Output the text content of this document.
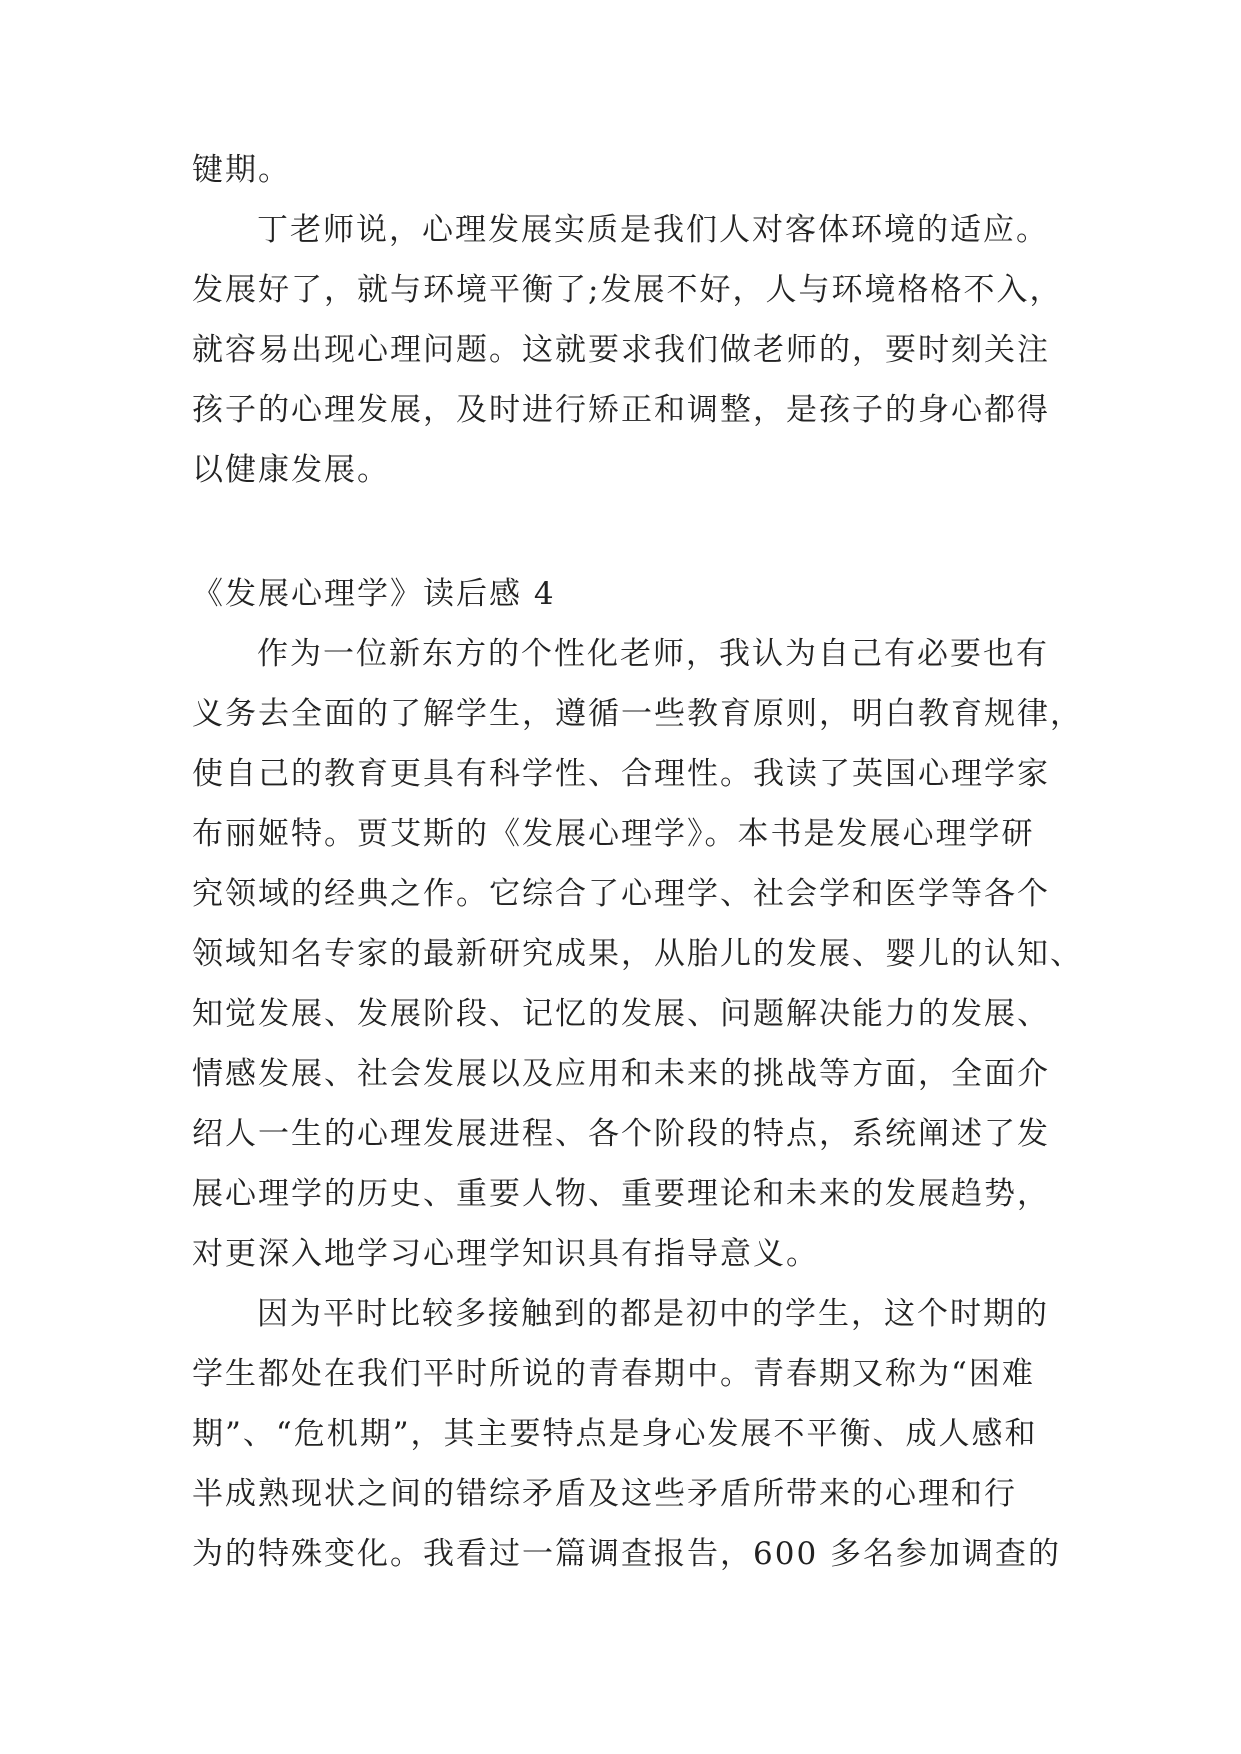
键期。
丁老师说，心理发展实质是我们人对客体环境的适应。
发展好了，就与环境平衡了;发展不好，人与环境格格不入，
就容易出现心理问题。这就要求我们做老师的，要时刻关注
孩子的心理发展，及时进行矫正和调整，是孩子的身心都得
以健康发展。
《发展心理学》读后感 4
作为一位新东方的个性化老师，我认为自己有必要也有
义务去全面的了解学生，遵循一些教育原则，明白教育规律，
使自己的教育更具有科学性、合理性。我读了英国心理学家
布丽姬特。贾艾斯的《发展心理学》。本书是发展心理学研
究领域的经典之作。它综合了心理学、社会学和医学等各个
领域知名专家的最新研究成果，从胎儿的发展、婴儿的认知、
知觉发展、发展阶段、记忆的发展、问题解决能力的发展、
情感发展、社会发展以及应用和未来的挑战等方面，全面介
绍人一生的心理发展进程、各个阶段的特点，系统阐述了发
展心理学的历史、重要人物、重要理论和未来的发展趋势，
对更深入地学习心理学知识具有指导意义。
因为平时比较多接触到的都是初中的学生，这个时期的
学生都处在我们平时所说的青春期中。青春期又称为“困难
期”、“危机期”，其主要特点是身心发展不平衡、成人感和
半成熟现状之间的错综矛盾及这些矛盾所带来的心理和行
为的特殊变化。我看过一篇调查报告，600 多名参加调查的
